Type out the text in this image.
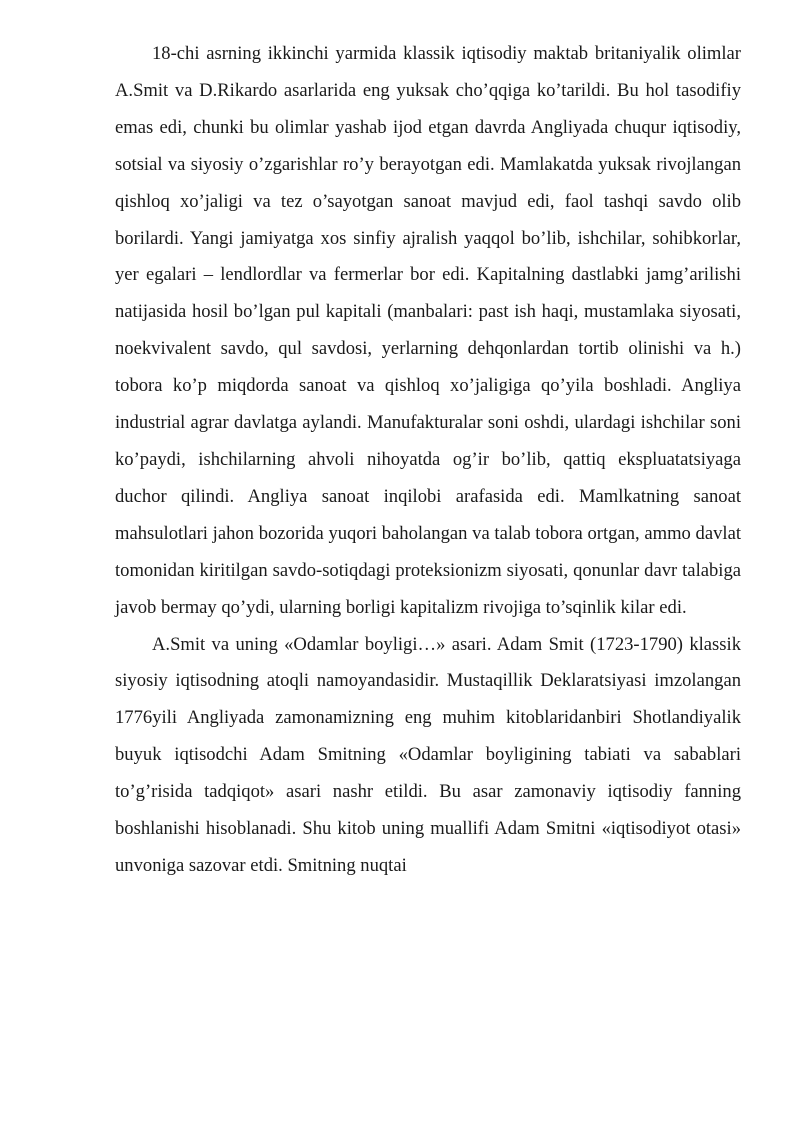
18-chi asrning ikkinchi yarmida klassik iqtisodiy maktab britaniyalik olimlar A.Smit va D.Rikardo asarlarida eng yuksak cho’qqiga ko’tarildi. Bu hol tasodifiy emas edi, chunki bu olimlar yashab ijod etgan davrda Angliyada chuqur iqtisodiy, sotsial va siyosiy o’zgarishlar ro’y berayotgan edi. Mamlakatda yuksak rivojlangan qishloq xo’jaligi va tez o’sayotgan sanoat mavjud edi, faol tashqi savdo olib borilardi. Yangi jamiyatga xos sinfiy ajralish yaqqol bo’lib, ishchilar, sohibkorlar, yer egalari – lendlordlar va fermerlar bor edi. Kapitalning dastlabki jamg’arilishi natijasida hosil bo’lgan pul kapitali (manbalari: past ish haqi, mustamlaka siyosati, noekvivalent savdo, qul savdosi, yerlarning dehqonlardan tortib olinishi va h.) tobora ko’p miqdorda sanoat va qishloq xo’jaligiga qo’yila boshladi. Angliya industrial agrar davlatga aylandi. Manufakturalar soni oshdi, ulardagi ishchilar soni ko’paydi, ishchilarning ahvoli nihoyatda og’ir bo’lib, qattiq ekspluatatsiyaga duchor qilindi. Angliya sanoat inqilobi arafasida edi. Mamlkatning sanoat mahsulotlari jahon bozorida yuqori baholangan va talab tobora ortgan, ammo davlat tomonidan kiritilgan savdo-sotiqdagi proteksionizm siyosati, qonunlar davr talabiga javob bermay qo’ydi, ularning borligi kapitalizm rivojiga to’sqinlik kilar edi.

A.Smit va uning «Odamlar boyligi…» asari. Adam Smit (1723-1790) klassik siyosiy iqtisodning atoqli namoyandasidir. Mustaqillik Deklaratsiyasi imzolangan 1776yili Angliyada zamonamizning eng muhim kitoblaridanbiri Shotlandiyalik buyuk iqtisodchi Adam Smitning «Odamlar boyligining tabiati va sabablari to’g’risida tadqiqot» asari nashr etildi. Bu asar zamonaviy iqtisodiy fanning boshlanishi hisoblanadi. Shu kitob uning muallifi Adam Smitni «iqtisodiyot otasi» unvoniga sazovar etdi. Smitning nuqtai
